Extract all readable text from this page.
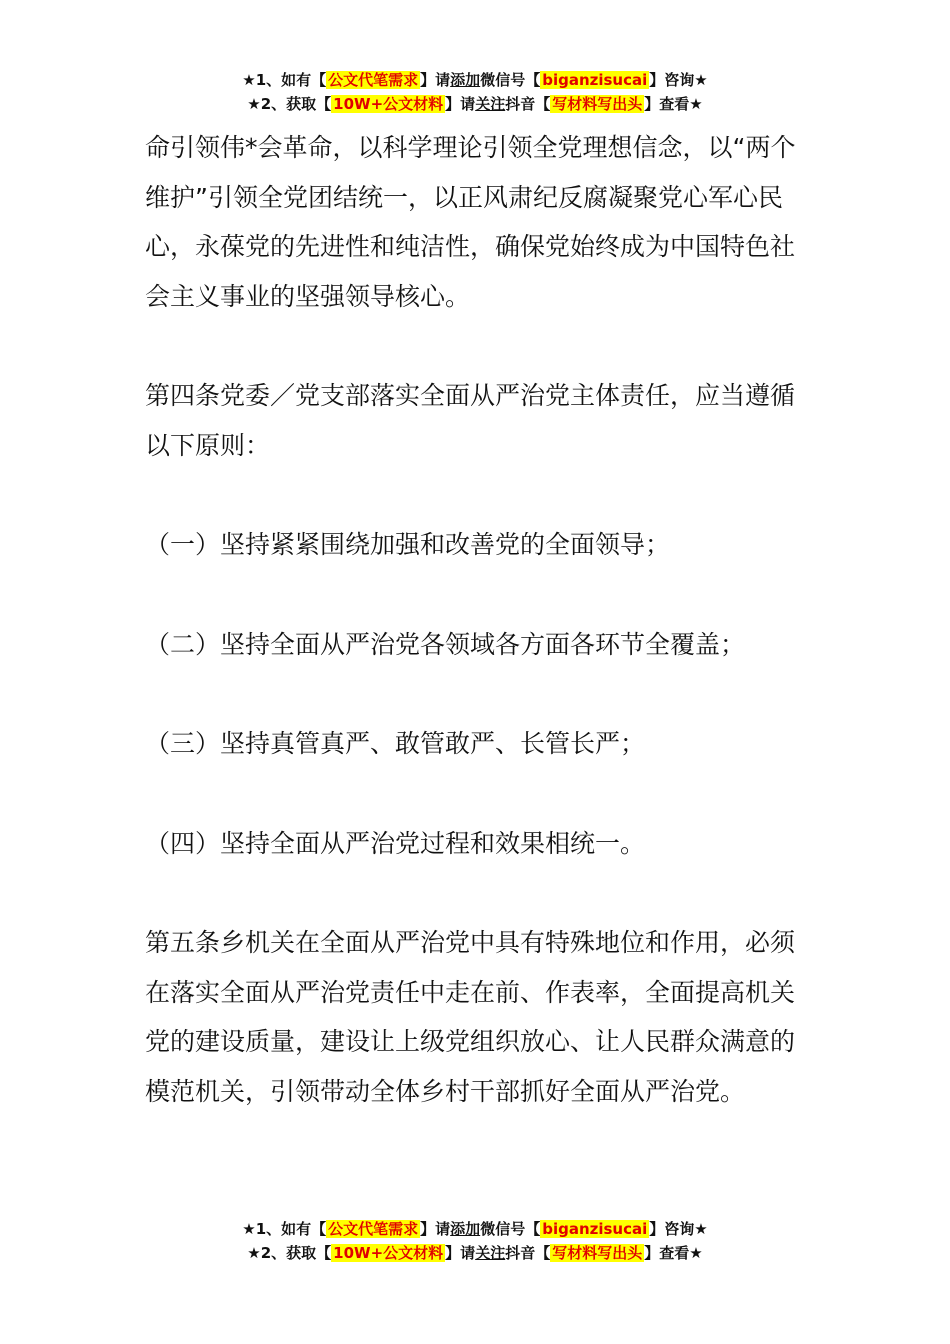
★1、如有【 公文代笔需求 】请添加微信号【 biganzisucai 】咨询★
★2、获取【 10W+公文材料 】请关注抖音【 写材料写出头 】查看★

命引领伟*会革命，以科学理论引领全党理想信念，以“两个维护”引领全党团结统一，以正风肃纪反腐凝聚党心军心民心，永葆党的先进性和纯洁性，确保党始终成为中国特色社会主义事业的坚强领导核心。

第四条党委／党支部落实全面从严治党主体责任，应当遵循以下原则：

（一）坚持紧紧围绕加强和改善党的全面领导；

（二）坚持全面从严治党各领域各方面各环节全覆盖；

（三）坚持真管真严、敢管敢严、长管长严；

（四）坚持全面从严治党过程和效果相统一。

第五条乡机关在全面从严治党中具有特殊地位和作用，必须在落实全面从严治党责任中走在前、作表率，全面提高机关党的建设质量，建设让上级党组织放心、让人民群众满意的模范机关，引领带动全体乡村干部抓好全面从严治党。

★1、如有【 公文代笔需求 】请添加微信号【 biganzisucai 】咨询★
★2、获取【 10W+公文材料 】请关注抖音【 写材料写出头 】查看★
